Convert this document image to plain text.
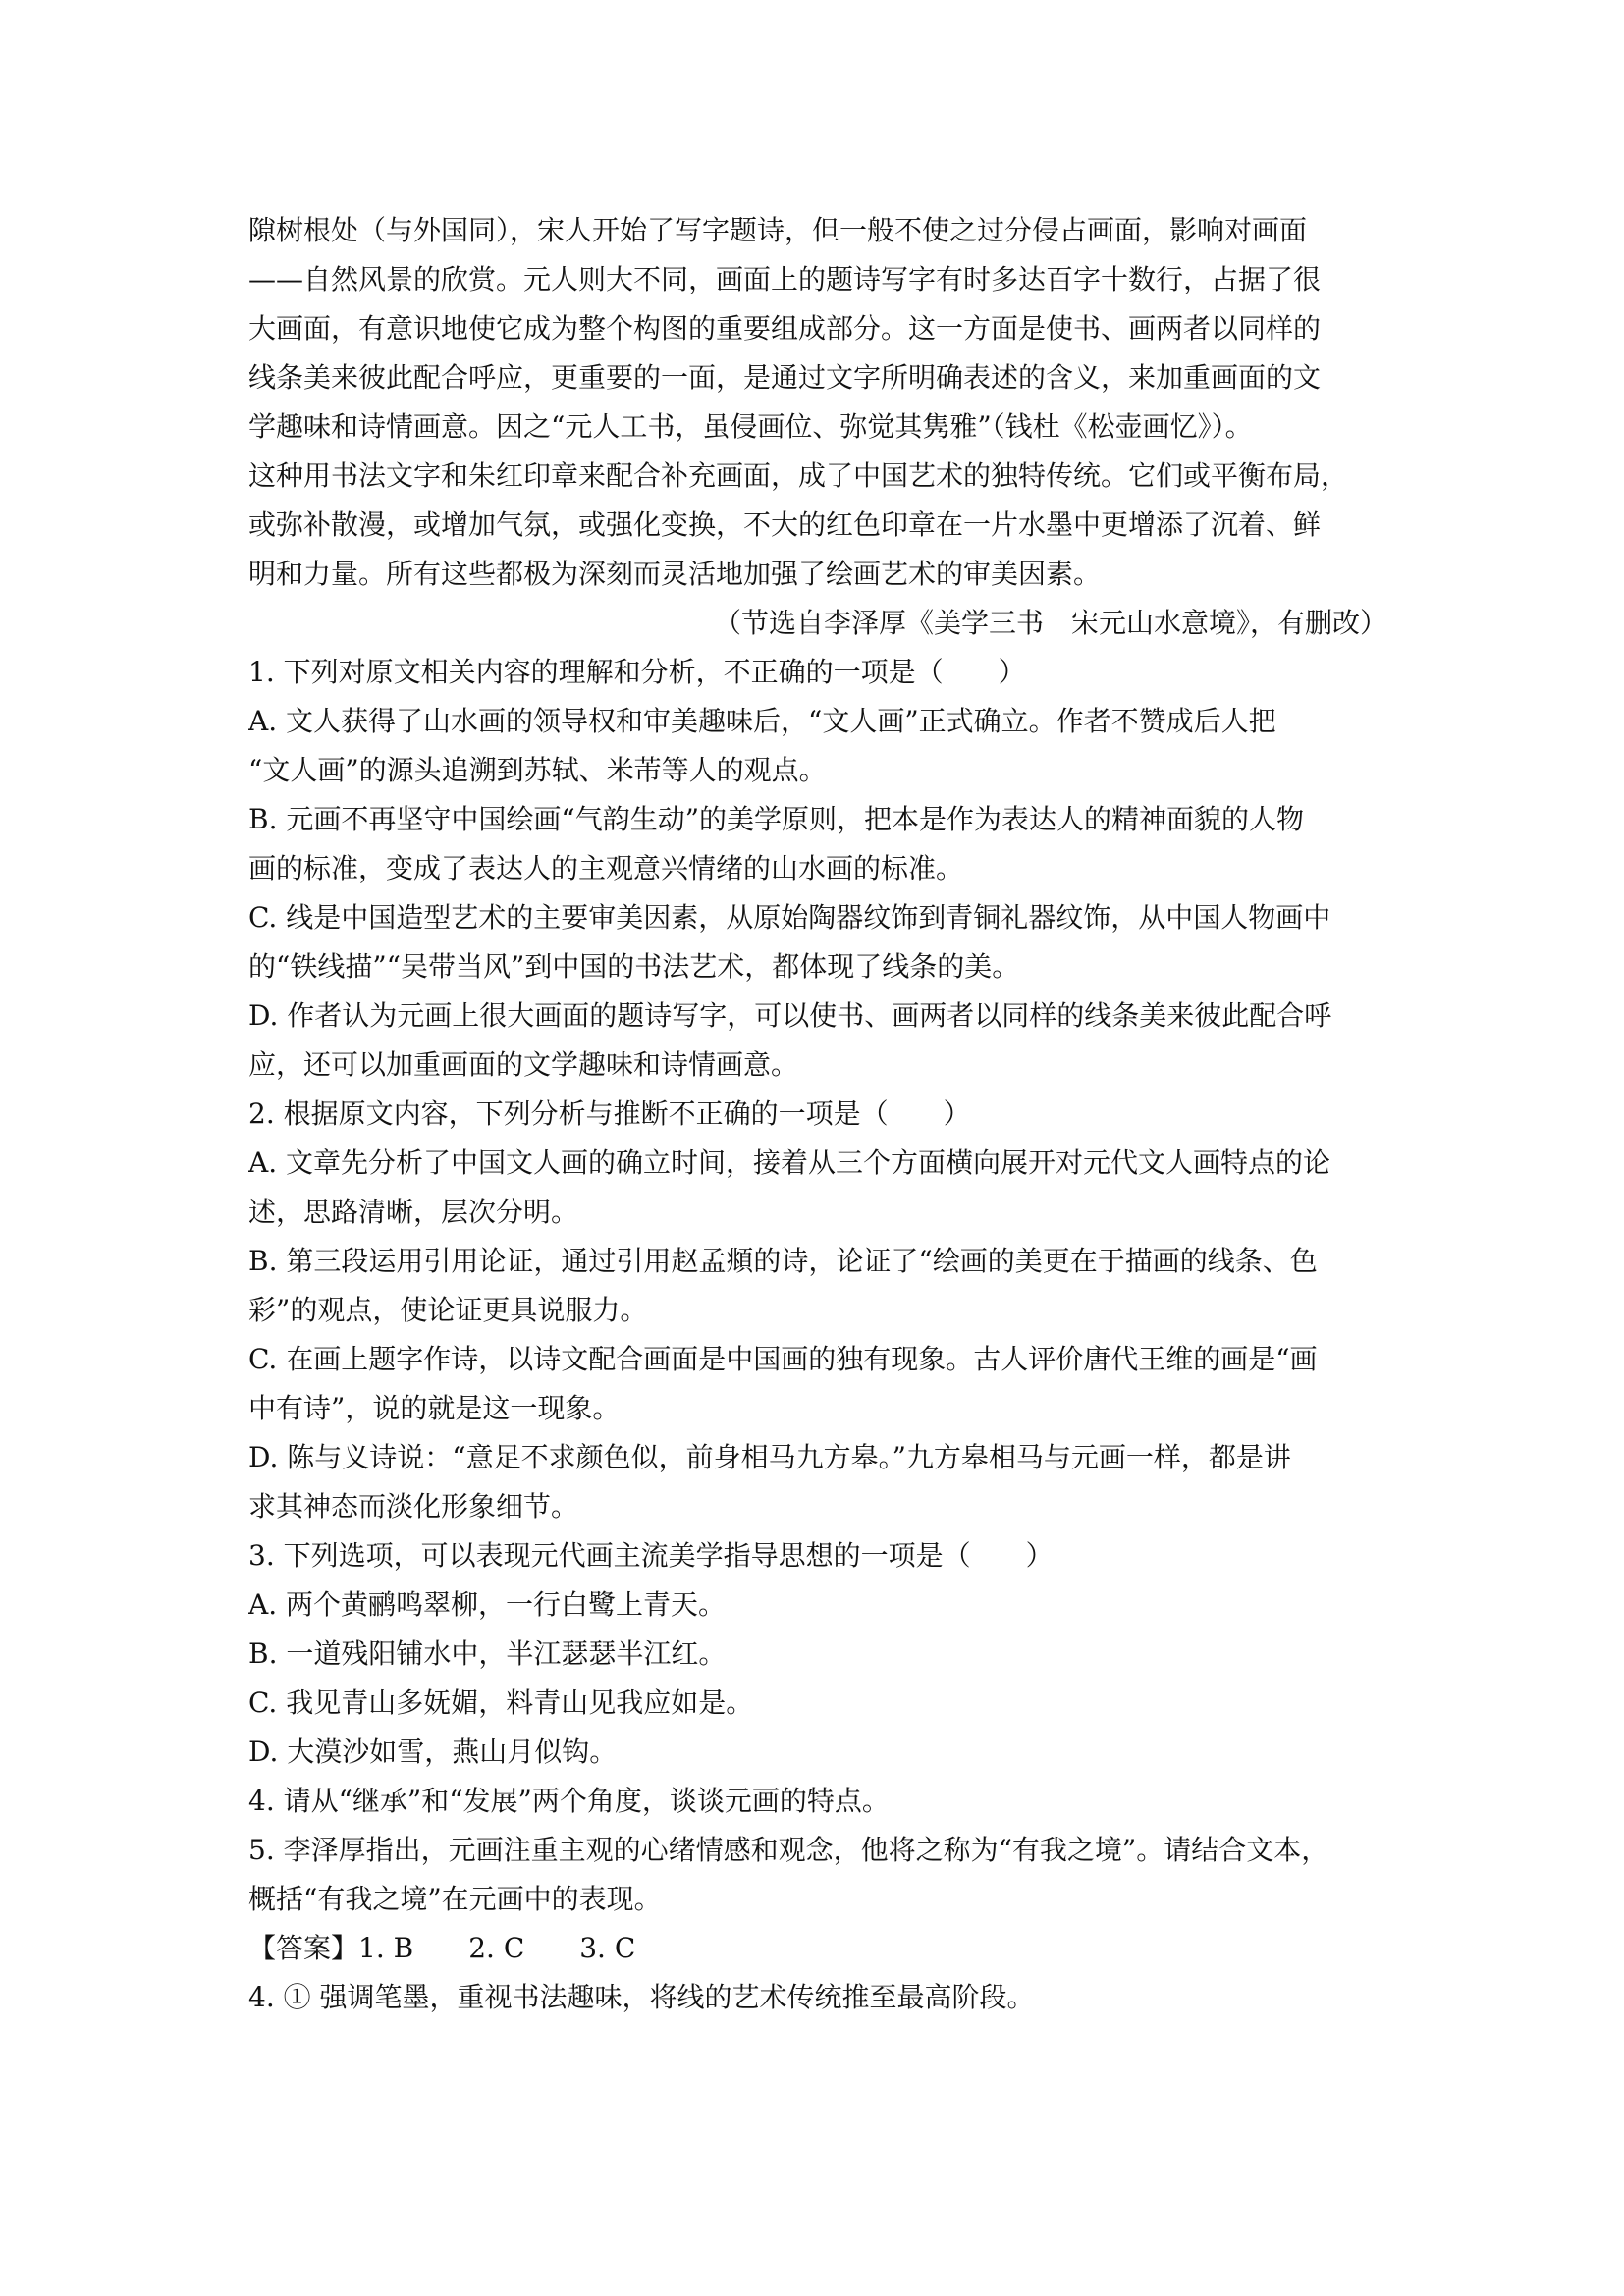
隙树根处（与外国同），宋人开始了写字题诗，但一般不使之过分侵占画面，影响对画面
——自然风景的欣赏。元人则大不同，画面上的题诗写字有时多达百字十数行，占据了很
大画面，有意识地使它成为整个构图的重要组成部分。这一方面是使书、画两者以同样的
线条美来彼此配合呼应，更重要的一面，是通过文字所明确表述的含义，来加重画面的文
学趣味和诗情画意。因之“元人工书，虽侵画位、弥觉其隽雅”（钱杜《松壶画忆》）。
这种用书法文字和朱红印章来配合补充画面，成了中国艺术的独特传统。它们或平衡布局，
或弥补散漫，或增加气氛，或强化变换，不大的红色印章在一片水墨中更增添了沉着、鲜
明和力量。所有这些都极为深刻而灵活地加强了绘画艺术的审美因素。
（节选自李泽厚《美学三书　宋元山水意境》，有删改）
1. 下列对原文相关内容的理解和分析，不正确的一项是（　　）
A. 文人获得了山水画的领导权和审美趣味后，“文人画”正式确立。作者不赞成后人把
“文人画”的源头追溯到苏轼、米芾等人的观点。
B. 元画不再坚守中国绘画“气韵生动”的美学原则，把本是作为表达人的精神面貌的人物
画的标准，变成了表达人的主观意兴情绪的山水画的标准。
C. 线是中国造型艺术的主要审美因素，从原始陶器纹饰到青铜礼器纹饰，从中国人物画中
的“铁线描”“吴带当风”到中国的书法艺术，都体现了线条的美。
D. 作者认为元画上很大画面的题诗写字，可以使书、画两者以同样的线条美来彼此配合呼
应，还可以加重画面的文学趣味和诗情画意。
2. 根据原文内容，下列分析与推断不正确的一项是（　　）
A. 文章先分析了中国文人画的确立时间，接着从三个方面横向展开对元代文人画特点的论
述，思路清晰，层次分明。
B. 第三段运用引用论证，通过引用赵孟頫的诗，论证了“绘画的美更在于描画的线条、色
彩”的观点，使论证更具说服力。
C. 在画上题字作诗，以诗文配合画面是中国画的独有现象。古人评价唐代王维的画是“画
中有诗”，说的就是这一现象。
D. 陈与义诗说：“意足不求颜色似，前身相马九方皋。”九方皋相马与元画一样，都是讲
求其神态而淡化形象细节。
3. 下列选项，可以表现元代画主流美学指导思想的一项是（　　）
A. 两个黄鹂鸣翠柳，一行白鹭上青天。
B. 一道残阳铺水中，半江瑟瑟半江红。
C. 我见青山多妩媚，料青山见我应如是。
D. 大漠沙如雪，燕山月似钩。
4. 请从“继承”和“发展”两个角度，谈谈元画的特点。
5. 李泽厚指出，元画注重主观的心绪情感和观念，他将之称为“有我之境”。请结合文本，
概括“有我之境”在元画中的表现。
【答案】1. B　　2. C　　3. C
4. ① 强调笔墨，重视书法趣味，将线的艺术传统推至最高阶段。
